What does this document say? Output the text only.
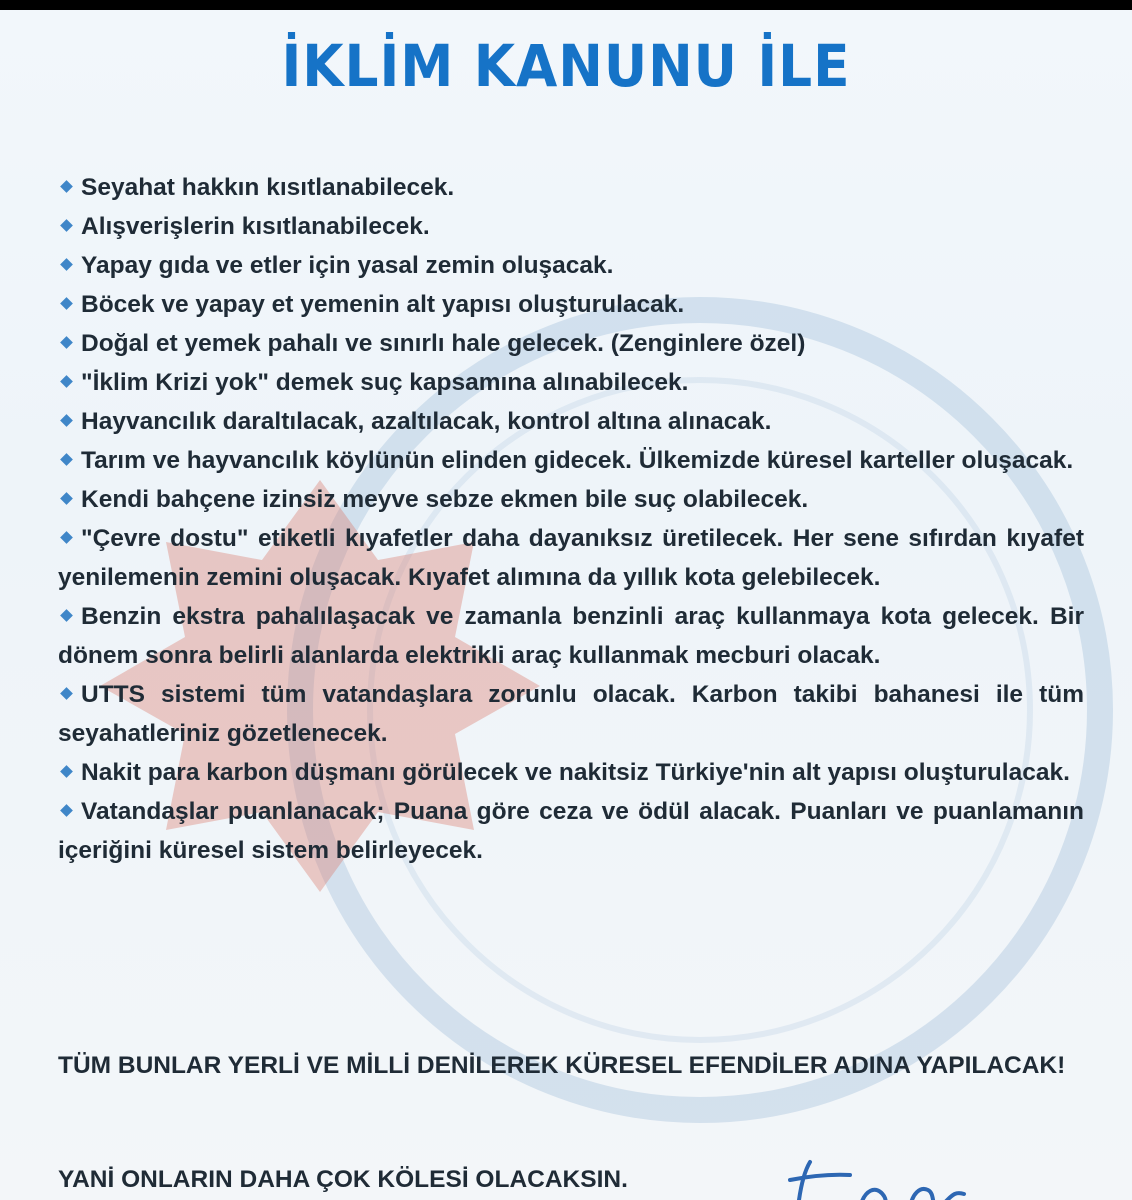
İKLİM KANUNU İLE

Seyahat hakkın kısıtlanabilecek.

Alışverişlerin kısıtlanabilecek.

Yapay gıda ve etler için yasal zemin oluşacak.

Böcek ve yapay et yemenin alt yapısı oluşturulacak.

Doğal et yemek pahalı ve sınırlı hale gelecek. (Zenginlere özel)

"İklim Krizi yok" demek suç kapsamına alınabilecek.

Hayvancılık daraltılacak, azaltılacak, kontrol altına alınacak.

Tarım ve hayvancılık köylünün elinden gidecek. Ülkemizde küresel karteller oluşacak.

Kendi bahçene izinsiz meyve sebze ekmen bile suç olabilecek.

"Çevre dostu" etiketli kıyafetler daha dayanıksız üretilecek. Her sene sıfırdan kıyafet yenilemenin zemini oluşacak. Kıyafet alımına da yıllık kota gelebilecek.

Benzin ekstra pahalılaşacak ve zamanla benzinli araç kullanmaya kota gelecek. Bir dönem sonra belirli alanlarda elektrikli araç kullanmak mecburi olacak.

UTTS sistemi tüm vatandaşlara zorunlu olacak. Karbon takibi bahanesi ile tüm seyahatleriniz gözetlenecek.

Nakit para karbon düşmanı görülecek ve nakitsiz Türkiye'nin alt yapısı oluşturulacak.

Vatandaşlar puanlanacak; Puana göre ceza ve ödül alacak. Puanları ve puanlamanın içeriğini küresel sistem belirleyecek.

TÜM BUNLAR YERLİ VE MİLLİ DENİLEREK KÜRESEL EFENDİLER ADINA YAPILACAK!
YANİ ONLARIN DAHA ÇOK KÖLESİ OLACAKSIN.
